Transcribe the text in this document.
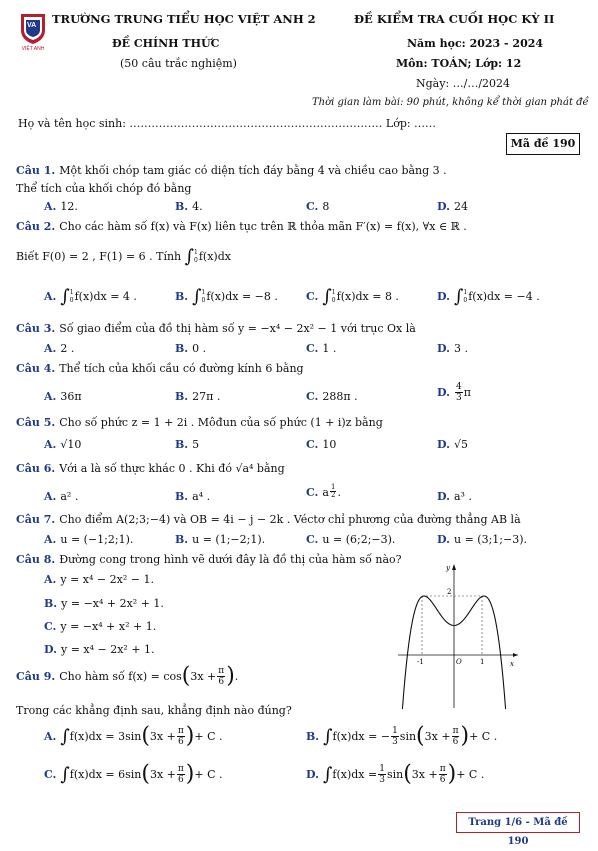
VA
VIỆT ANH
TRƯỜNG TRUNG TIỂU HỌC VIỆT ANH 2
ĐỀ CHÍNH THỨC
(50 câu trắc nghiệm)
ĐỀ KIỂM TRA CUỐI HỌC KỲ II
Năm học: 2023 - 2024
Môn: TOÁN; Lớp: 12
Ngày: …/…/2024
Thời gian làm bài: 90 phút, không kể thời gian phát đề
Họ và tên học sinh: …………………………………………………………… Lớp: ……
Mã đề 190
Câu 1. Một khối chóp tam giác có diện tích đáy bằng 4 và chiều cao bằng 3 .
Thể tích của khối chóp đó bằng
A. 12.	B. 4.	C. 8	D. 24
Câu 2. Cho các hàm số f(x) và F(x) liên tục trên ℝ thỏa mãn F′(x) = f(x), ∀x ∈ ℝ .
Biết F(0) = 2 , F(1) = 6 . Tính ∫ 1
0 f(x)dx
A. ∫ 1
0 f(x)dx = 4 .	B. ∫ 1
0 f(x)dx = −8 .	C. ∫ 1
0 f(x)dx = 8 .	D. ∫ 1
0 f(x)dx = −4 .
Câu 3. Số giao điểm của đồ thị hàm số y = −x⁴ − 2x² − 1 với trục Ox là
A. 2 .	B. 0 .	C. 1 .	D. 3 .
Câu 4. Thể tích của khối cầu có đường kính 6 bằng
A. 36π	B. 27π .	C. 288π .	D. $\frac{4}{3}$ π
Câu 5. Cho số phức z = 1 + 2i . Môđun của số phức (1 + i)z bằng
A. √10	B. 5	C. 10	D. √5
Câu 6. Với a là số thực khác 0 . Khi đó √a⁴ bằng
A. a² .	B. a⁴ .	C. a $\frac{1}{2}$ .	D. a³ .
Câu 7. Cho điểm A(2;3;−4) và OB = 4i − j − 2k . Véctơ chỉ phương của đường thẳng AB là
A. u = (−1;2;1).	B. u = (1;−2;1).	C. u = (6;2;−3).	D. u = (3;1;−3).
Câu 8. Đường cong trong hình vẽ dưới đây là đồ thị của hàm số nào?
A. y = x⁴ − 2x² − 1.
B. y = −x⁴ + 2x² + 1.
C. y = −x⁴ + x² + 1.
D. y = x⁴ − 2x² + 1.
y
x
2
-1	O	1
Câu 9. Cho hàm số $f(x) = \cos(3x + \frac{\pi}{6}$ ).
Trong các khẳng định sau, khẳng định nào đúng?
A. $\int f(x)dx = 3\sin(3x + \frac{\pi}{6}$ )+ C .	B. ∫f(x)dx = − $\frac{1}{3} \sin(3x + \frac{\pi}{6}$ )+ C .
C. $\int f(x)dx = 6\sin(3x + \frac{\pi}{6}$ )+ C .	D. $\int f(x)dx = \frac{1}{3} \sin(3x + \frac{\pi}{6}$ )+ C .
Trang 1/6 - Mã đề 190
